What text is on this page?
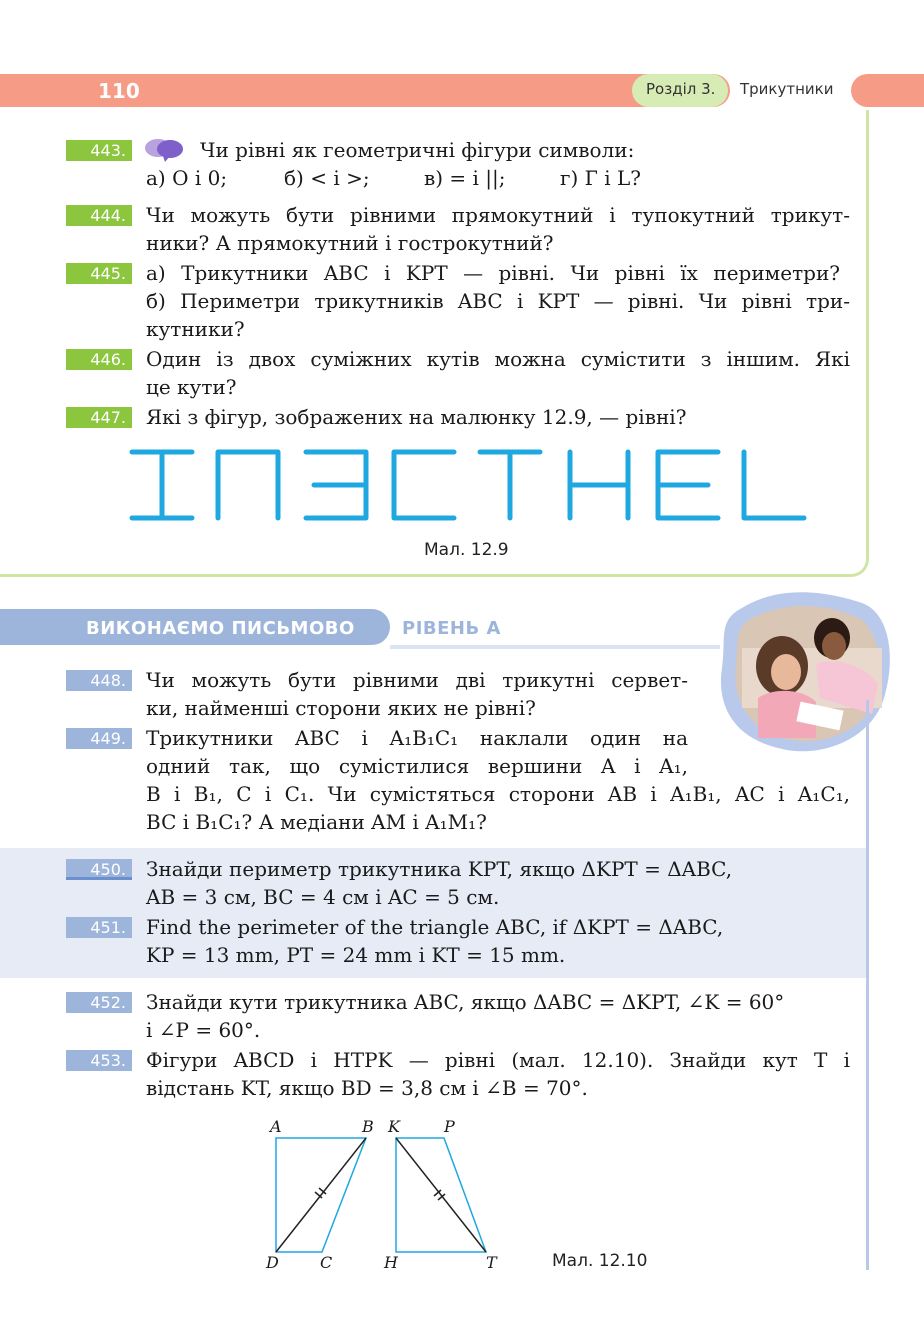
110	Розділ 3. Трикутники
443.	Чи рівні як геометричні фігури символи:
а) O і 0;	б) < і >;	в) = і ||;	г) Г і L?
444.	Чи можуть бути рівними прямокутний і тупокутний трикут-
ники? А прямокутний і гострокутний?
445.	а) Трикутники ABC і KPT — рівні. Чи рівні їх периметри?
б) Периметри трикутників ABC і KPT — рівні. Чи рівні три-
кутники?
446.	Один із двох суміжних кутів можна сумістити з іншим. Які
це кути?
447.	Які з фігур, зображених на малюнку 12.9, — рівні?
Мал. 12.9
ВИКОНАЄМО ПИСЬМОВО	РІВЕНЬ А
448.	Чи можуть бути рівними дві трикутні сервет-
ки, найменші сторони яких не рівні?
449.	Трикутники ABC і A₁B₁C₁ наклали один на
одний так, що сумістилися вершини A і A₁,
B і B₁, C і C₁. Чи сумістяться сторони AB і A₁B₁, AC і A₁C₁,
BC і B₁C₁? А медіани AM і A₁M₁?
450.	Знайди периметр трикутника KPT, якщо ΔKPT = ΔABC,
AB = 3 см, BC = 4 см і AC = 5 см.
451.	Find the perimeter of the triangle ABC, if ΔKPT = ΔABC,
KP = 13 mm, PT = 24 mm і KT = 15 mm.
452.	Знайди кути трикутника ABC, якщо ΔABC = ΔKPT, ∠K = 60°
і ∠P = 60°.
453.	Фігури ABCD і HTPK — рівні (мал. 12.10). Знайди кут T і
відстань KT, якщо BD = 3,8 см і ∠B = 70°.
A	B K	P
D	C	H	T	Мал. 12.10
